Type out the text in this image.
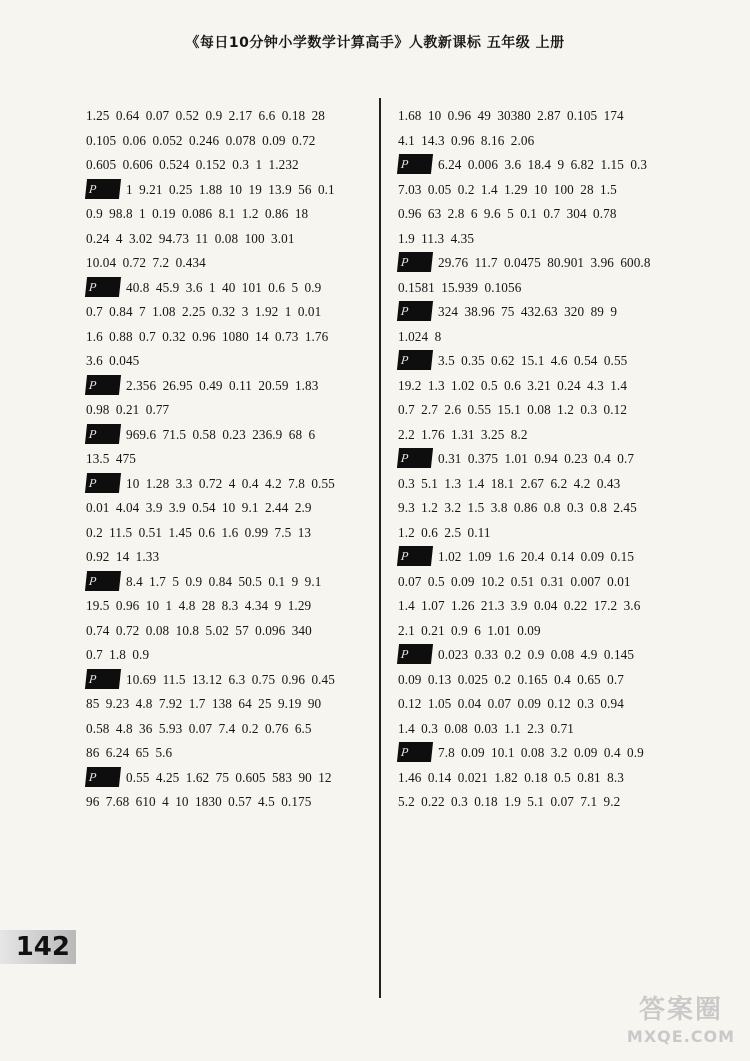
《每日10分钟小学数学计算高手》人教新课标 五年级 上册
1.25 0.64 0.07 0.52 0.9 2.17 6.6 0.18 28
0.105 0.06 0.052 0.246 0.078 0.09 0.72
0.605 0.606 0.524 0.152 0.3 1 1.232
P 1 9.21 0.25 1.88 10 19 13.9 56 0.1
0.9 98.8 1 0.19 0.086 8.1 1.2 0.86 18
0.24 4 3.02 94.73 11 0.08 100 3.01
10.04 0.72 7.2 0.434
P 40.8 45.9 3.6 1 40 101 0.6 5 0.9
0.7 0.84 7 1.08 2.25 0.32 3 1.92 1 0.01
1.6 0.88 0.7 0.32 0.96 1080 14 0.73 1.76
3.6 0.045
P 2.356 26.95 0.49 0.11 20.59 1.83
0.98 0.21 0.77
P 969.6 71.5 0.58 0.23 236.9 68 6
13.5 475
P 10 1.28 3.3 0.72 4 0.4 4.2 7.8 0.55
0.01 4.04 3.9 3.9 0.54 10 9.1 2.44 2.9
0.2 11.5 0.51 1.45 0.6 1.6 0.99 7.5 13
0.92 14 1.33
P 8.4 1.7 5 0.9 0.84 50.5 0.1 9 9.1
19.5 0.96 10 1 4.8 28 8.3 4.34 9 1.29
0.74 0.72 0.08 10.8 5.02 57 0.096 340
0.7 1.8 0.9
P 10.69 11.5 13.12 6.3 0.75 0.96 0.45
85 9.23 4.8 7.92 1.7 138 64 25 9.19 90
0.58 4.8 36 5.93 0.07 7.4 0.2 0.76 6.5
86 6.24 65 5.6
P 0.55 4.25 1.62 75 0.605 583 90 12
96 7.68 610 4 10 1830 0.57 4.5 0.175
1.68 10 0.96 49 30380 2.87 0.105 174
4.1 14.3 0.96 8.16 2.06
P 6.24 0.006 3.6 18.4 9 6.82 1.15 0.3
7.03 0.05 0.2 1.4 1.29 10 100 28 1.5
0.96 63 2.8 6 9.6 5 0.1 0.7 304 0.78
1.9 11.3 4.35
P 29.76 11.7 0.0475 80.901 3.96 600.8
0.1581 15.939 0.1056
P 324 38.96 75 432.63 320 89 9
1.024 8
P 3.5 0.35 0.62 15.1 4.6 0.54 0.55
19.2 1.3 1.02 0.5 0.6 3.21 0.24 4.3 1.4
0.7 2.7 2.6 0.55 15.1 0.08 1.2 0.3 0.12
2.2 1.76 1.31 3.25 8.2
P 0.31 0.375 1.01 0.94 0.23 0.4 0.7
0.3 5.1 1.3 1.4 18.1 2.67 6.2 4.2 0.43
9.3 1.2 3.2 1.5 3.8 0.86 0.8 0.3 0.8 2.45
1.2 0.6 2.5 0.11
P 1.02 1.09 1.6 20.4 0.14 0.09 0.15
0.07 0.5 0.09 10.2 0.51 0.31 0.007 0.01
1.4 1.07 1.26 21.3 3.9 0.04 0.22 17.2 3.6
2.1 0.21 0.9 6 1.01 0.09
P 0.023 0.33 0.2 0.9 0.08 4.9 0.145
0.09 0.13 0.025 0.2 0.165 0.4 0.65 0.7
0.12 1.05 0.04 0.07 0.09 0.12 0.3 0.94
1.4 0.3 0.08 0.03 1.1 2.3 0.71
P 7.8 0.09 10.1 0.08 3.2 0.09 0.4 0.9
1.46 0.14 0.021 1.82 0.18 0.5 0.81 8.3
5.2 0.22 0.3 0.18 1.9 5.1 0.07 7.1 9.2
142
答案圈
MXQE.COM
